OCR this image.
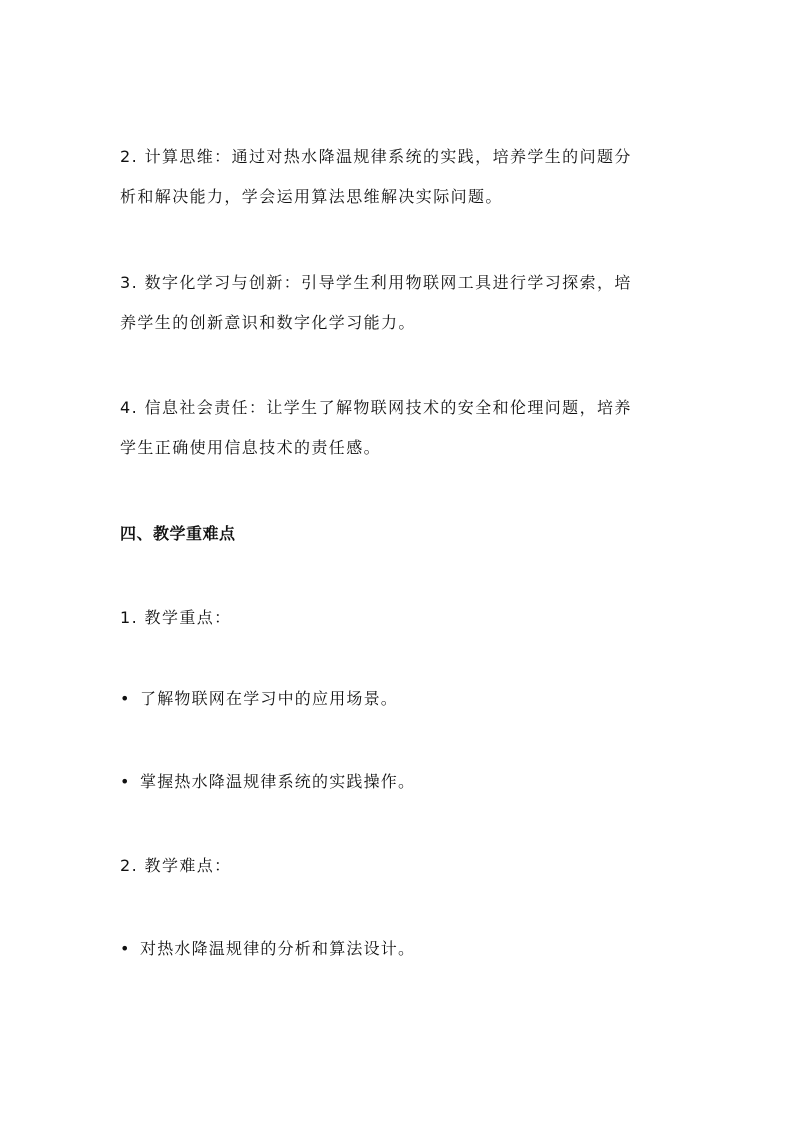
2. 计算思维：通过对热水降温规律系统的实践，培养学生的问题分
析和解决能力，学会运用算法思维解决实际问题。
3. 数字化学习与创新：引导学生利用物联网工具进行学习探索，培
养学生的创新意识和数字化学习能力。
4. 信息社会责任：让学生了解物联网技术的安全和伦理问题，培养
学生正确使用信息技术的责任感。
四、教学重难点
1. 教学重点：
• 了解物联网在学习中的应用场景。
• 掌握热水降温规律系统的实践操作。
2. 教学难点：
• 对热水降温规律的分析和算法设计。
